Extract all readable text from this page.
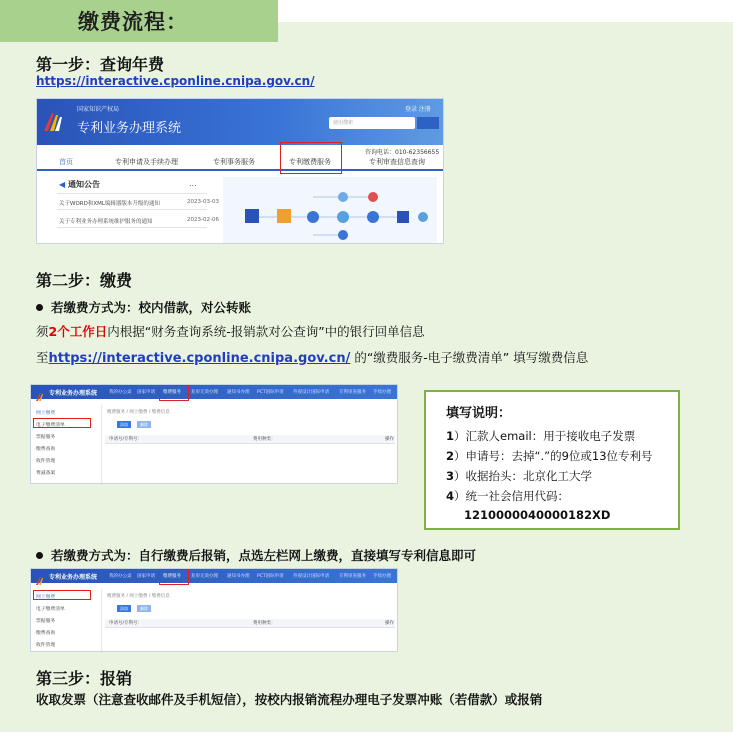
缴费流程：
第一步：查询年费
https://interactive.cponline.cnipa.gov.cn/
国家知识产权局
专利业务办理系统
登录 注册
使用搜索
咨询电话：010-62356655
首页	专利申请及手续办理	专利事务服务	专利缴费服务	专利审查信息查询
◀ 通知公告	...
关于WORD和XML编辑器版本升级的通知	2023-03-03
关于专利业务办理系统维护服务的通知	2023-02-06
第二步：缴费
若缴费方式为：校内借款，对公转账
须2个工作日内根据“财务查询系统-报销款对公查询”中的银行回单信息
至https://interactive.cponline.cnipa.gov.cn/ 的“缴费服务-电子缴费清单” 填写缴费信息
专利业务办理系统	我的办公桌 国家申请 缴费服务 复审无效办理 通知书办理 PCT国际申请 外观设计国际申请 专利审查服务 手续办理
网上缴费
电子缴费清单
票据服务
缴费查询
收件管理
费减备案
缴费服务 / 网上缴费 / 缴费信息
添加	删除
申请号/专利号：	费用种类：	操作
填写说明：
1）汇款人email：用于接收电子发票
2）申请号：去掉“.”的9位或13位专利号
3）收据抬头：北京化工大学
4）统一社会信用代码：
1210000040000182XD
若缴费方式为：自行缴费后报销，点选左栏网上缴费，直接填写专利信息即可
专利业务办理系统	我的办公桌 国家申请 缴费服务 复审无效办理 通知书办理 PCT国际申请 外观设计国际申请 专利审查服务 手续办理
网上缴费
电子缴费清单
票据服务
缴费查询
收件管理
缴费服务 / 网上缴费 / 缴费信息
添加	删除
申请号/专利号：	费用种类：	操作
第三步：报销
收取发票（注意查收邮件及手机短信），按校内报销流程办理电子发票冲账（若借款）或报销
